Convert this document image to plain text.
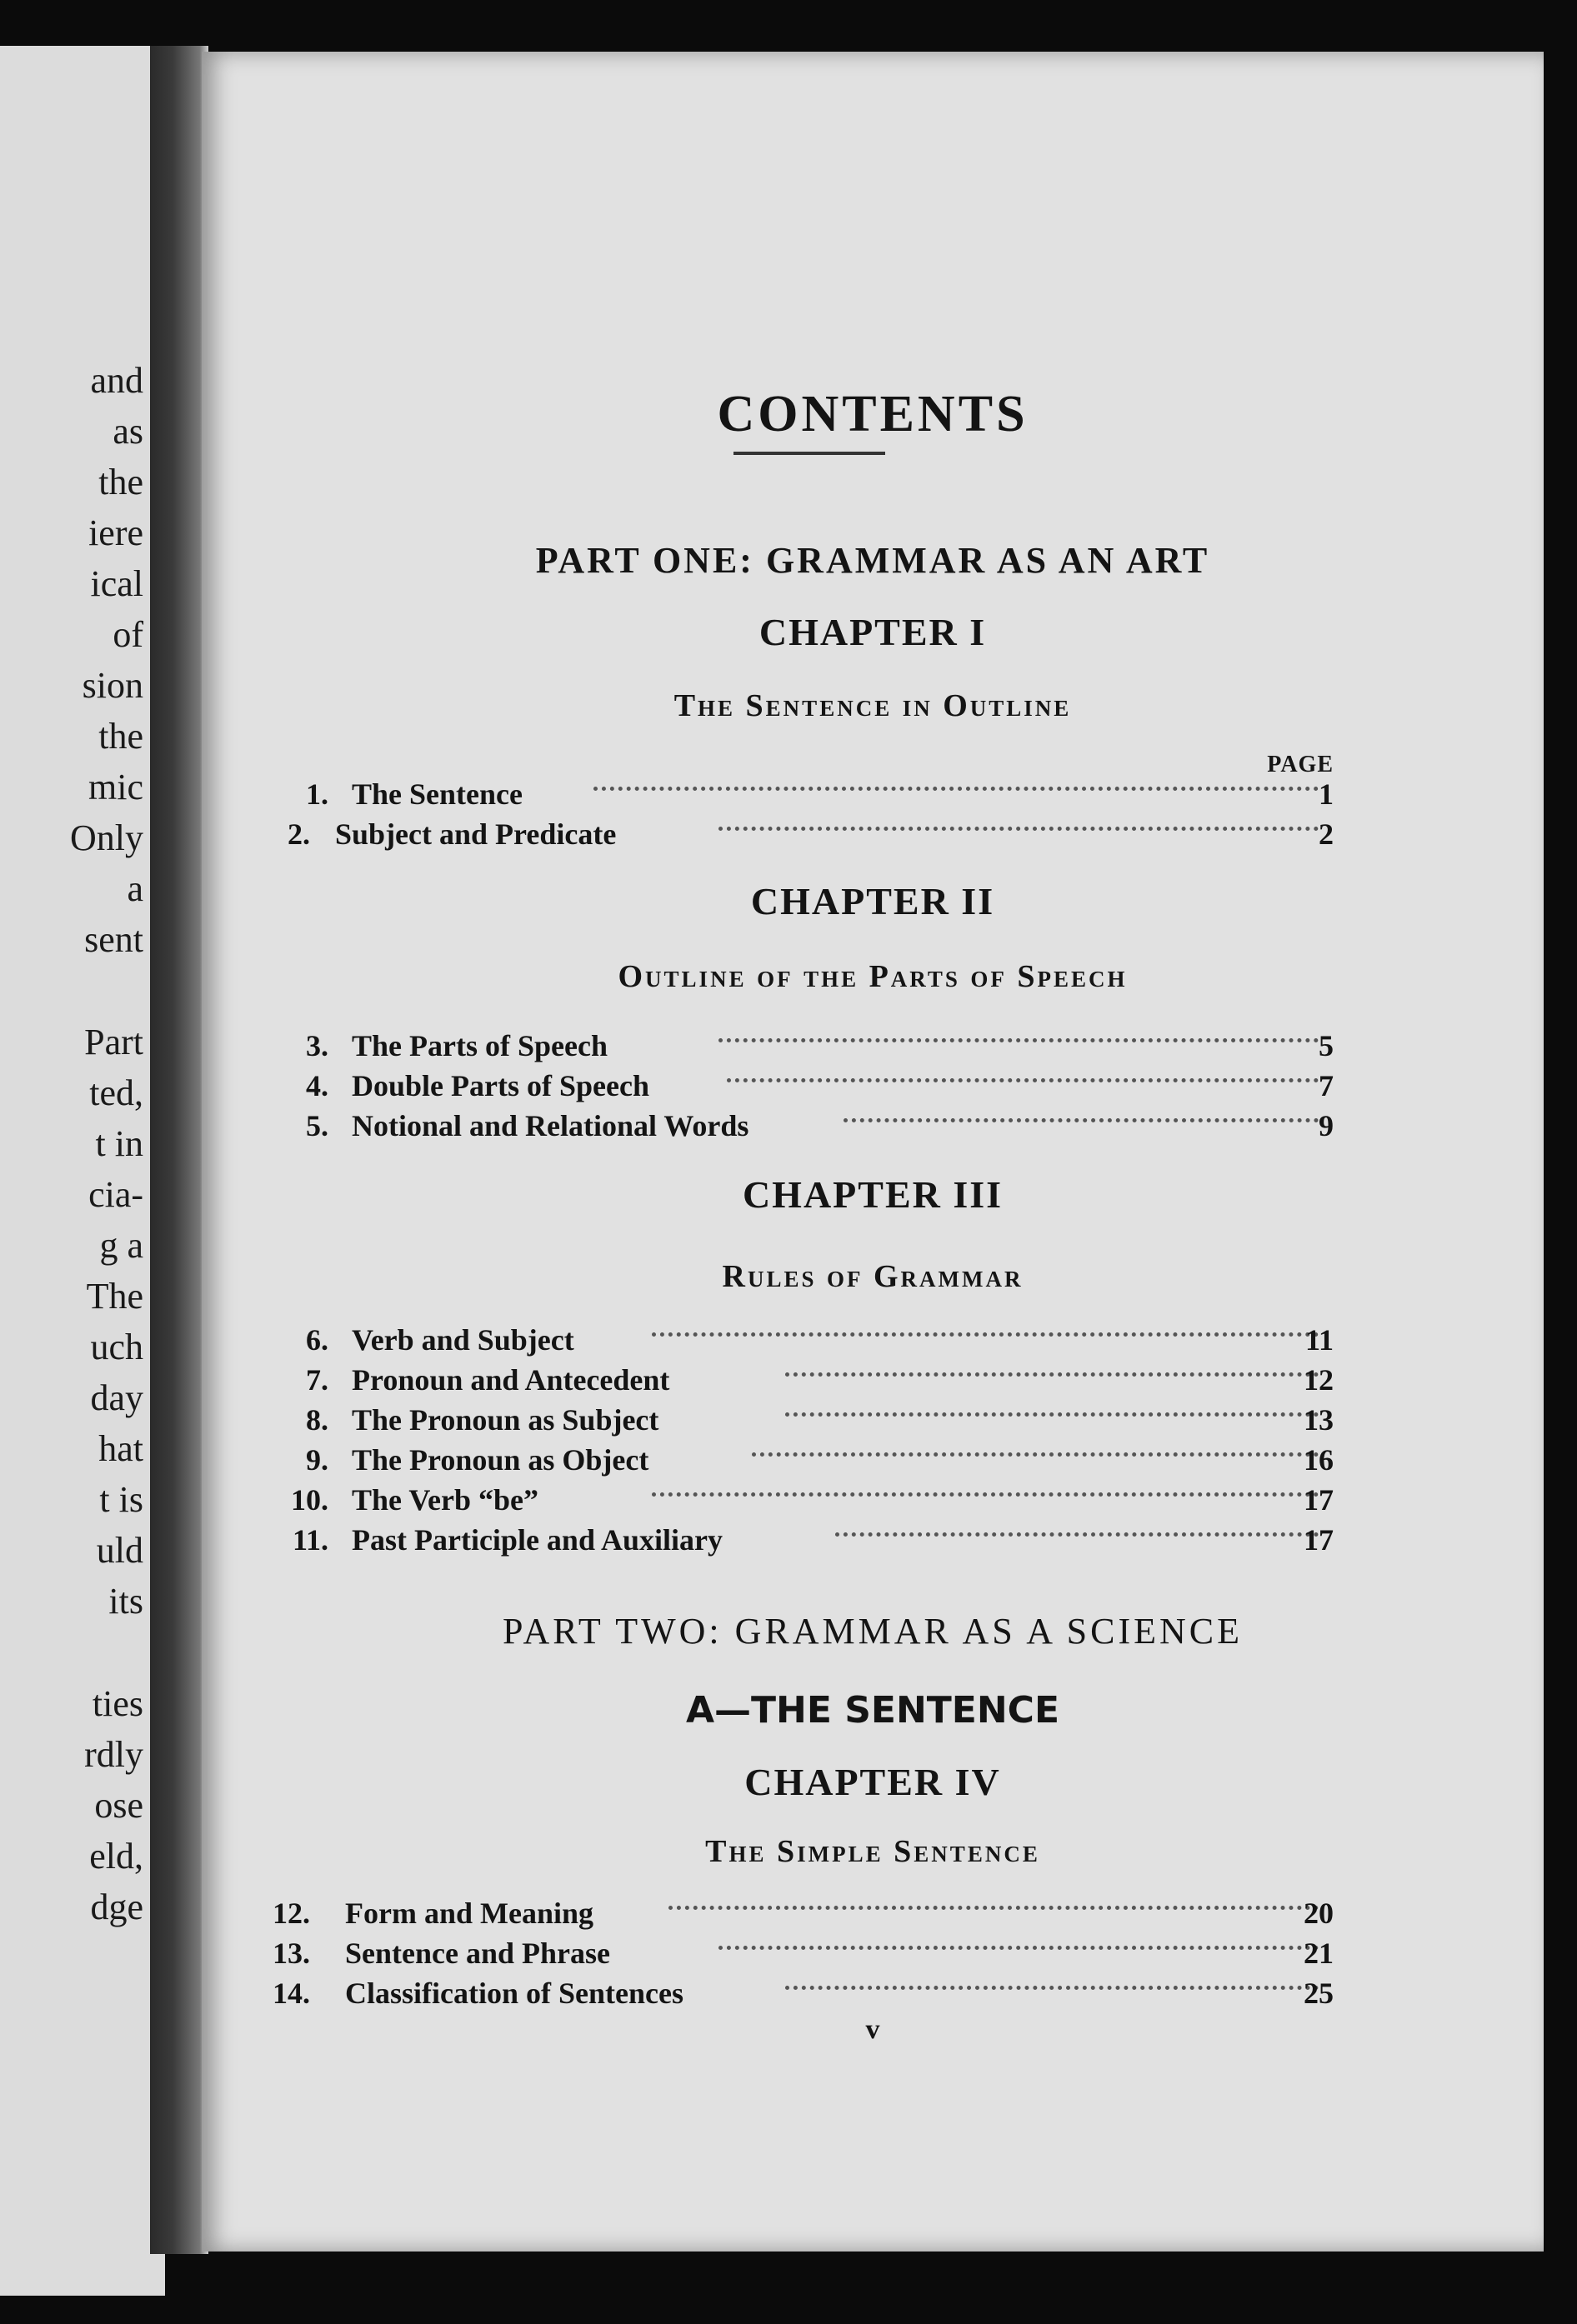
and
as
the
iere
ical
of
sion
the
mic
Only
a
sent
Part
ted,
t in
cia-
g a
The
uch
day
hat
t is
uld
its
ties
rdly
ose
eld,
dge
CONTENTS
PART ONE: GRAMMAR AS AN ART
CHAPTER I
The Sentence in Outline
PAGE
1. The Sentence	1
2. Subject and Predicate	2
CHAPTER II
Outline of the Parts of Speech
3. The Parts of Speech	5
4. Double Parts of Speech	7
5. Notional and Relational Words	9
CHAPTER III
Rules of Grammar
6. Verb and Subject	11
7. Pronoun and Antecedent	12
8. The Pronoun as Subject	13
9. The Pronoun as Object	16
10. The Verb “be”	17
11. Past Participle and Auxiliary	17
PART TWO: GRAMMAR AS A SCIENCE
A—THE SENTENCE
CHAPTER IV
The Simple Sentence
12. Form and Meaning	20
13. Sentence and Phrase	21
14. Classification of Sentences	25
v
